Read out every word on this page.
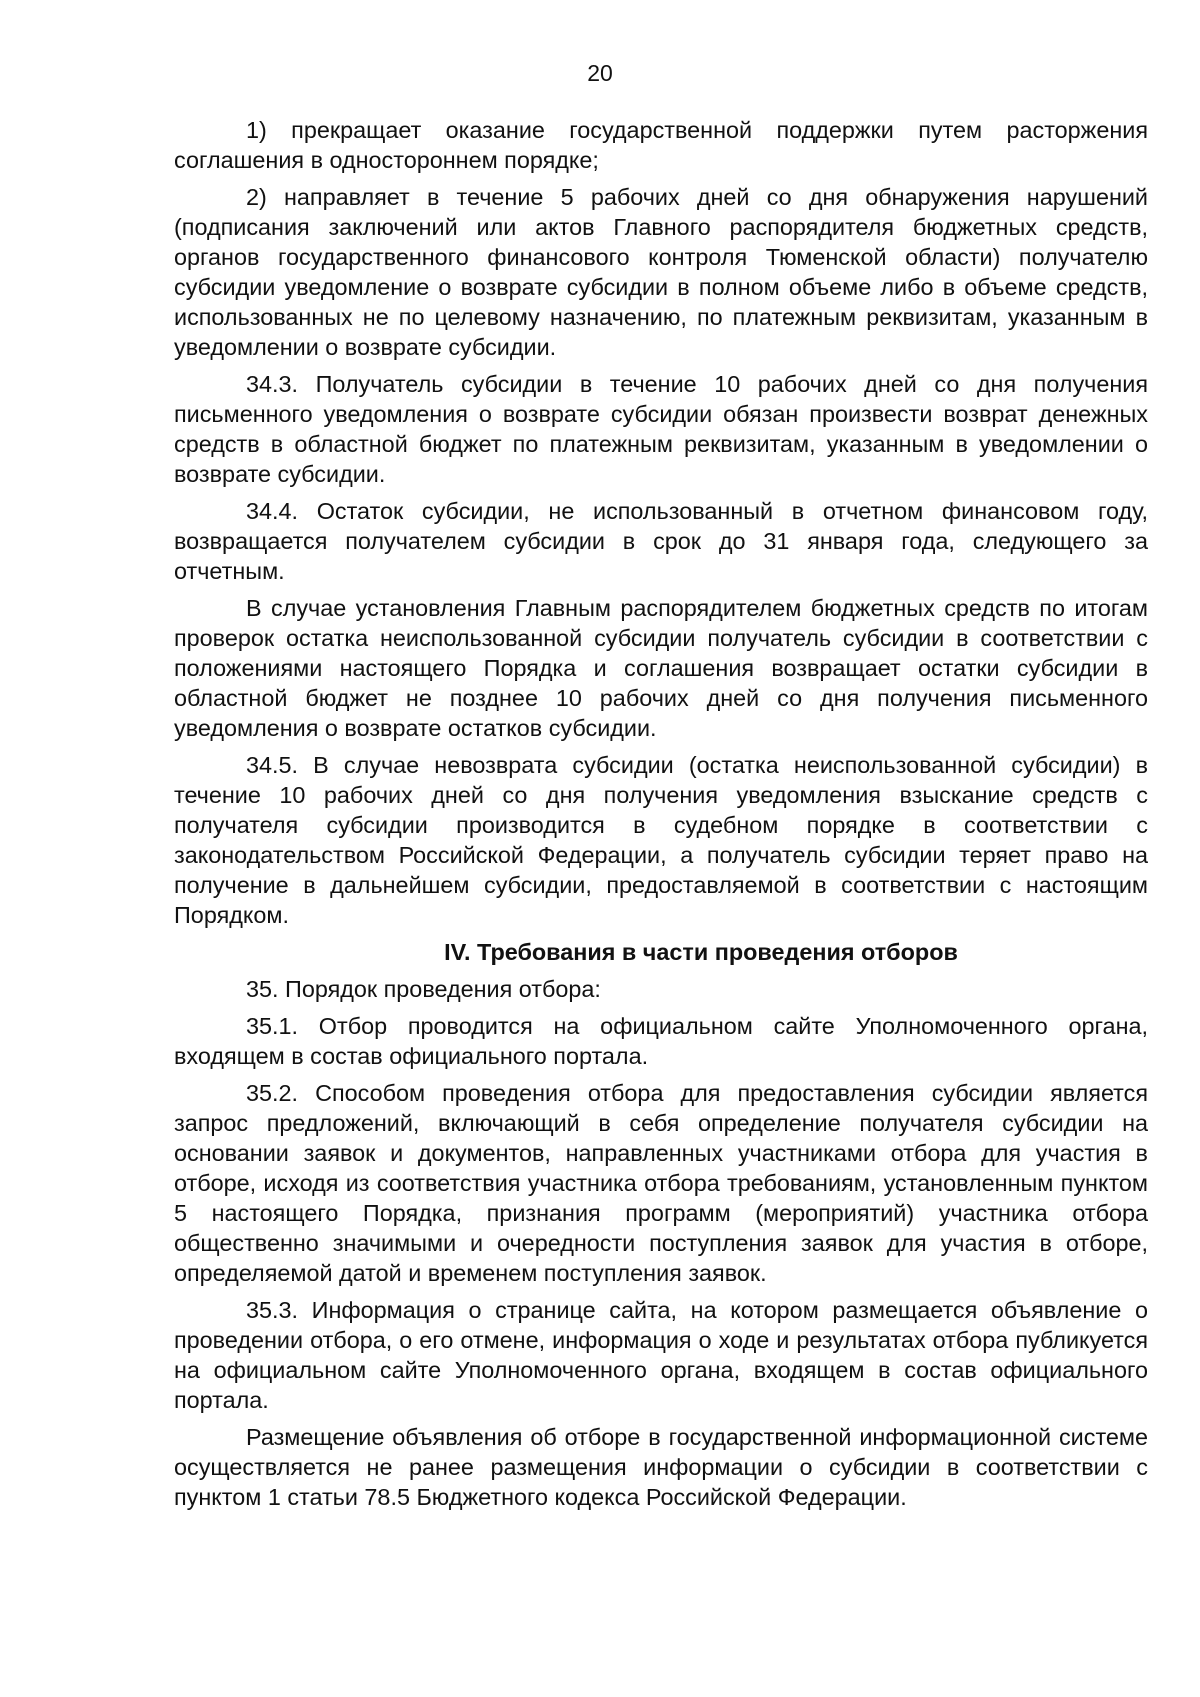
20

1) прекращает оказание государственной поддержки путем расторжения соглашения в одностороннем порядке;

2) направляет в течение 5 рабочих дней со дня обнаружения нарушений (подписания заключений или актов Главного распорядителя бюджетных средств, органов государственного финансового контроля Тюменской области) получателю субсидии уведомление о возврате субсидии в полном объеме либо в объеме средств, использованных не по целевому назначению, по платежным реквизитам, указанным в уведомлении о возврате субсидии.

34.3. Получатель субсидии в течение 10 рабочих дней со дня получения письменного уведомления о возврате субсидии обязан произвести возврат денежных средств в областной бюджет по платежным реквизитам, указанным в уведомлении о возврате субсидии.

34.4. Остаток субсидии, не использованный в отчетном финансовом году, возвращается получателем субсидии в срок до 31 января года, следующего за отчетным.

В случае установления Главным распорядителем бюджетных средств по итогам проверок остатка неиспользованной субсидии получатель субсидии в соответствии с положениями настоящего Порядка и соглашения возвращает остатки субсидии в областной бюджет не позднее 10 рабочих дней со дня получения письменного уведомления о возврате остатков субсидии.

34.5. В случае невозврата субсидии (остатка неиспользованной субсидии) в течение 10 рабочих дней со дня получения уведомления взыскание средств с получателя субсидии производится в судебном порядке в соответствии с законодательством Российской Федерации, а получатель субсидии теряет право на получение в дальнейшем субсидии, предоставляемой в соответствии с настоящим Порядком.

IV. Требования в части проведения отборов

35. Порядок проведения отбора:

35.1. Отбор проводится на официальном сайте Уполномоченного органа, входящем в состав официального портала.

35.2. Способом проведения отбора для предоставления субсидии является запрос предложений, включающий в себя определение получателя субсидии на основании заявок и документов, направленных участниками отбора для участия в отборе, исходя из соответствия участника отбора требованиям, установленным пунктом 5 настоящего Порядка, признания программ (мероприятий) участника отбора общественно значимыми и очередности поступления заявок для участия в отборе, определяемой датой и временем поступления заявок.

35.3. Информация о странице сайта, на котором размещается объявление о проведении отбора, о его отмене, информация о ходе и результатах отбора публикуется на официальном сайте Уполномоченного органа, входящем в состав официального портала.

Размещение объявления об отборе в государственной информационной системе осуществляется не ранее размещения информации о субсидии в соответствии с пунктом 1 статьи 78.5 Бюджетного кодекса Российской Федерации.
